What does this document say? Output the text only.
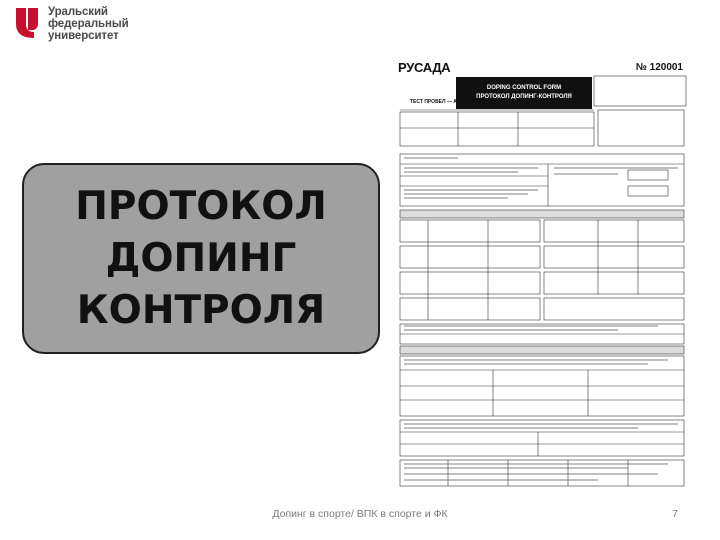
Уральский
федеральный
университет
ПРОТОКОЛ
ДОПИНГ
КОНТРОЛЯ
РУСАДА	№ 120001
DOPING CONTROL FORM
ПРОТОКОЛ ДОПИНГ-КОНТРОЛЯ
ТЕСТ ПРОВЕЛ — АНТИДОПИНГОВОЕ АГЕНТСТВО
Допинг в спорте/ ВПК в спорте и ФК	7
